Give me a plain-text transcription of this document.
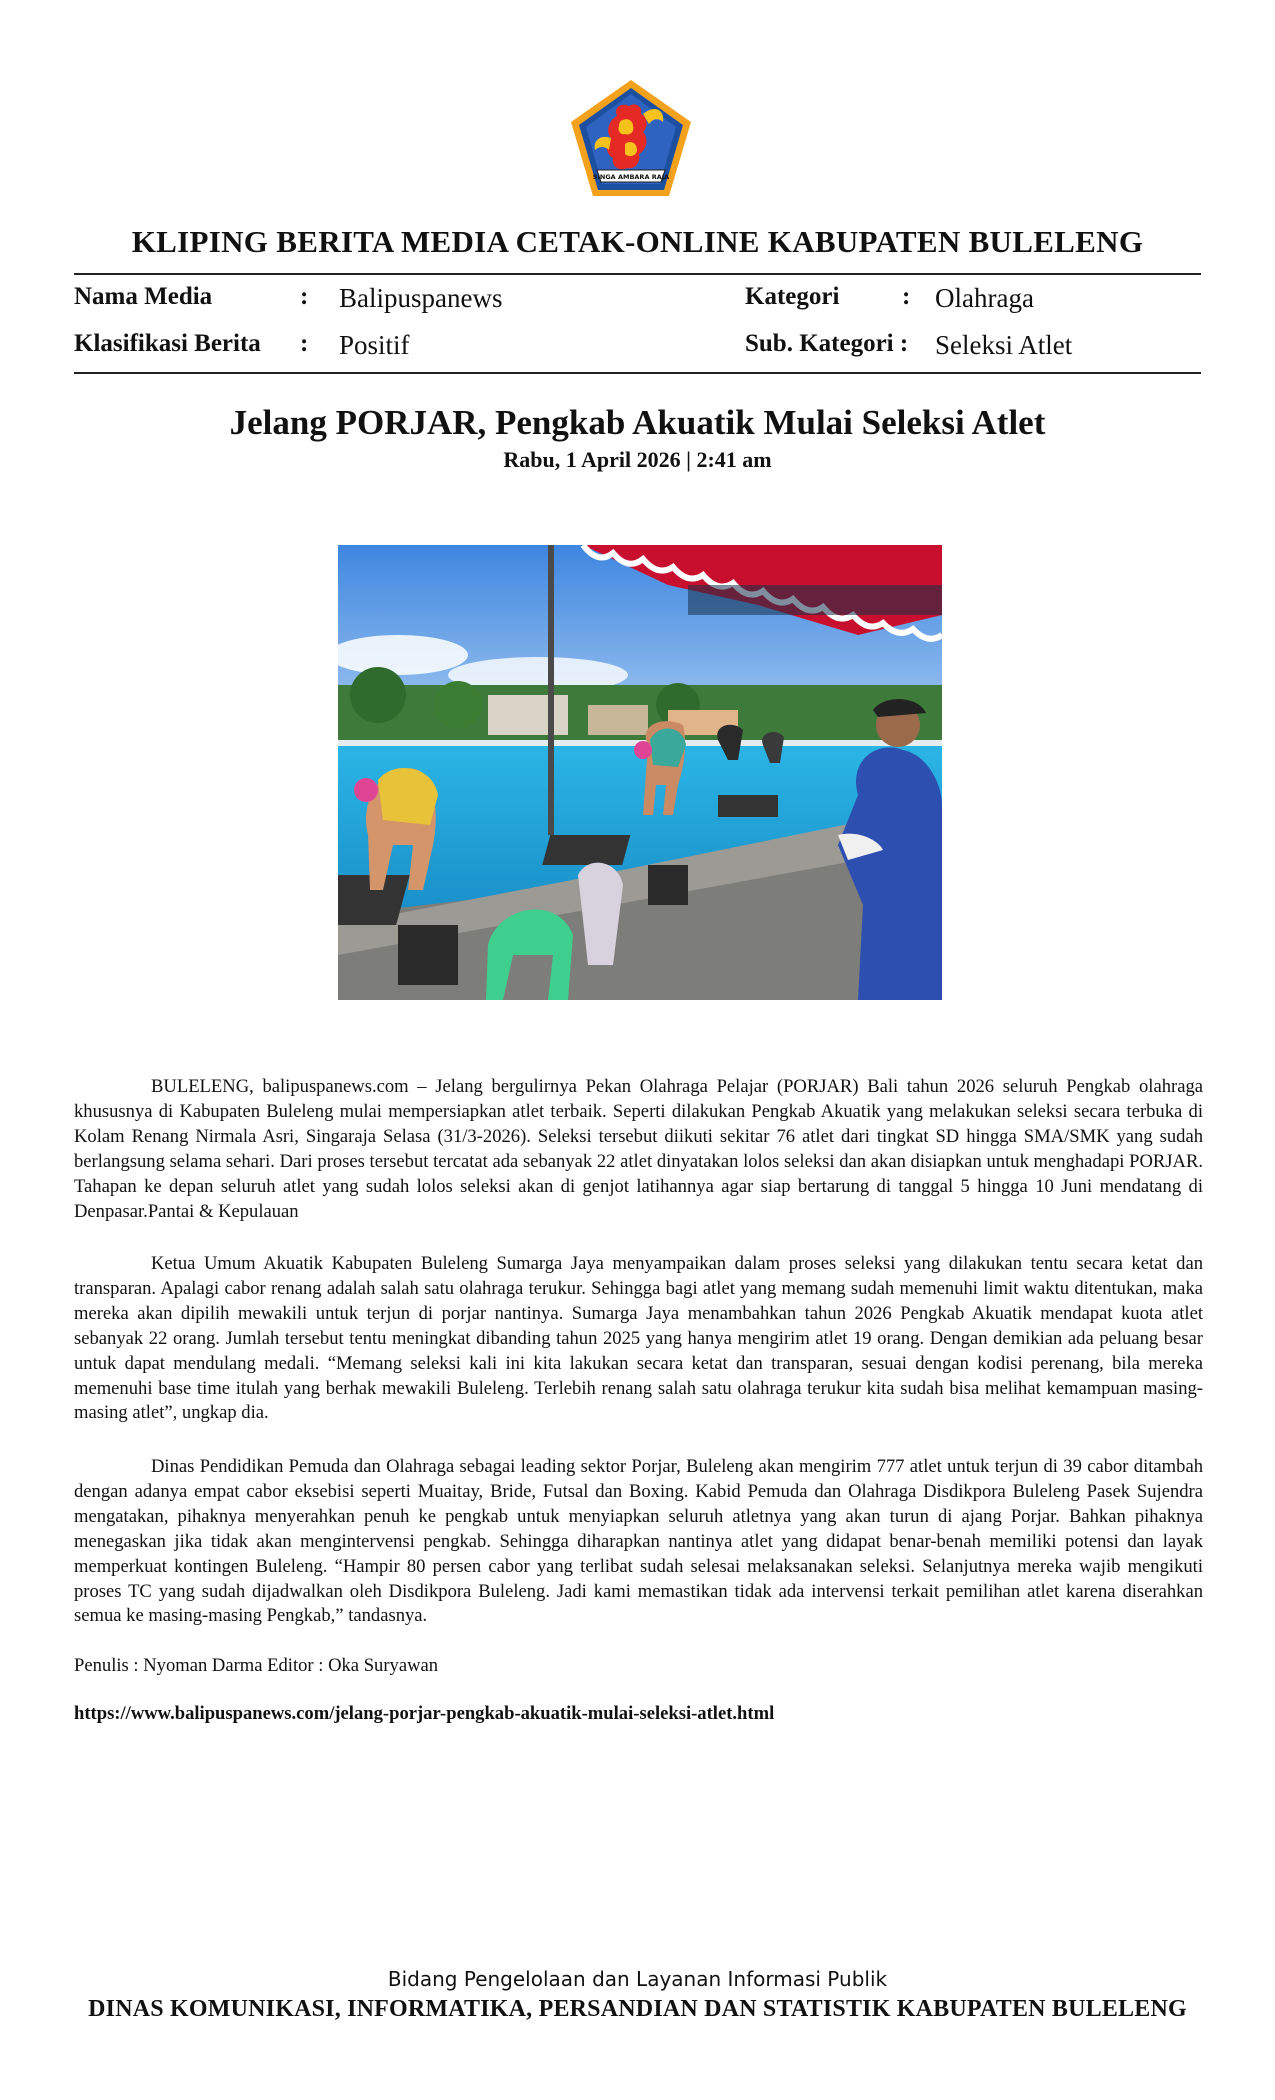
SINGA AMBARA RAJA
KLIPING BERITA MEDIA CETAK-ONLINE KABUPATEN BULELENG
Nama Media	: Balipuspanews	Kategori	: Olahraga
Klasifikasi Berita : Positif	Sub. Kategori : Seleksi Atlet
Jelang PORJAR, Pengkab Akuatik Mulai Seleksi Atlet
Rabu, 1 April 2026 | 2:41 am
BULELENG, balipuspanews.com – Jelang bergulirnya Pekan Olahraga Pelajar (PORJAR) Bali tahun 2026 seluruh Pengkab olahraga khususnya di Kabupaten Buleleng mulai mempersiapkan atlet terbaik. Seperti dilakukan Pengkab Akuatik yang melakukan seleksi secara terbuka di Kolam Renang Nirmala Asri, Singaraja Selasa (31/3-2026). Seleksi tersebut diikuti sekitar 76 atlet dari tingkat SD hingga SMA/SMK yang sudah berlangsung selama sehari. Dari proses tersebut tercatat ada sebanyak 22 atlet dinyatakan lolos seleksi dan akan disiapkan untuk menghadapi PORJAR. Tahapan ke depan seluruh atlet yang sudah lolos seleksi akan di genjot latihannya agar siap bertarung di tanggal 5 hingga 10 Juni mendatang di Denpasar.Pantai & Kepulauan
Ketua Umum Akuatik Kabupaten Buleleng Sumarga Jaya menyampaikan dalam proses seleksi yang dilakukan tentu secara ketat dan transparan. Apalagi cabor renang adalah salah satu olahraga terukur. Sehingga bagi atlet yang memang sudah memenuhi limit waktu ditentukan, maka mereka akan dipilih mewakili untuk terjun di porjar nantinya. Sumarga Jaya menambahkan tahun 2026 Pengkab Akuatik mendapat kuota atlet sebanyak 22 orang. Jumlah tersebut tentu meningkat dibanding tahun 2025 yang hanya mengirim atlet 19 orang. Dengan demikian ada peluang besar untuk dapat mendulang medali. “Memang seleksi kali ini kita lakukan secara ketat dan transparan, sesuai dengan kodisi perenang, bila mereka memenuhi base time itulah yang berhak mewakili Buleleng. Terlebih renang salah satu olahraga terukur kita sudah bisa melihat kemampuan masing-masing atlet”, ungkap dia.
Dinas Pendidikan Pemuda dan Olahraga sebagai leading sektor Porjar, Buleleng akan mengirim 777 atlet untuk terjun di 39 cabor ditambah dengan adanya empat cabor eksebisi seperti Muaitay, Bride, Futsal dan Boxing. Kabid Pemuda dan Olahraga Disdikpora Buleleng Pasek Sujendra mengatakan, pihaknya menyerahkan penuh ke pengkab untuk menyiapkan seluruh atletnya yang akan turun di ajang Porjar. Bahkan pihaknya menegaskan jika tidak akan mengintervensi pengkab. Sehingga diharapkan nantinya atlet yang didapat benar-benah memiliki potensi dan layak memperkuat kontingen Buleleng. “Hampir 80 persen cabor yang terlibat sudah selesai melaksanakan seleksi. Selanjutnya mereka wajib mengikuti proses TC yang sudah dijadwalkan oleh Disdikpora Buleleng. Jadi kami memastikan tidak ada intervensi terkait pemilihan atlet karena diserahkan semua ke masing-masing Pengkab,” tandasnya.
Penulis : Nyoman Darma Editor : Oka Suryawan
https://www.balipuspanews.com/jelang-porjar-pengkab-akuatik-mulai-seleksi-atlet.html
Bidang Pengelolaan dan Layanan Informasi Publik
DINAS KOMUNIKASI, INFORMATIKA, PERSANDIAN DAN STATISTIK KABUPATEN BULELENG
